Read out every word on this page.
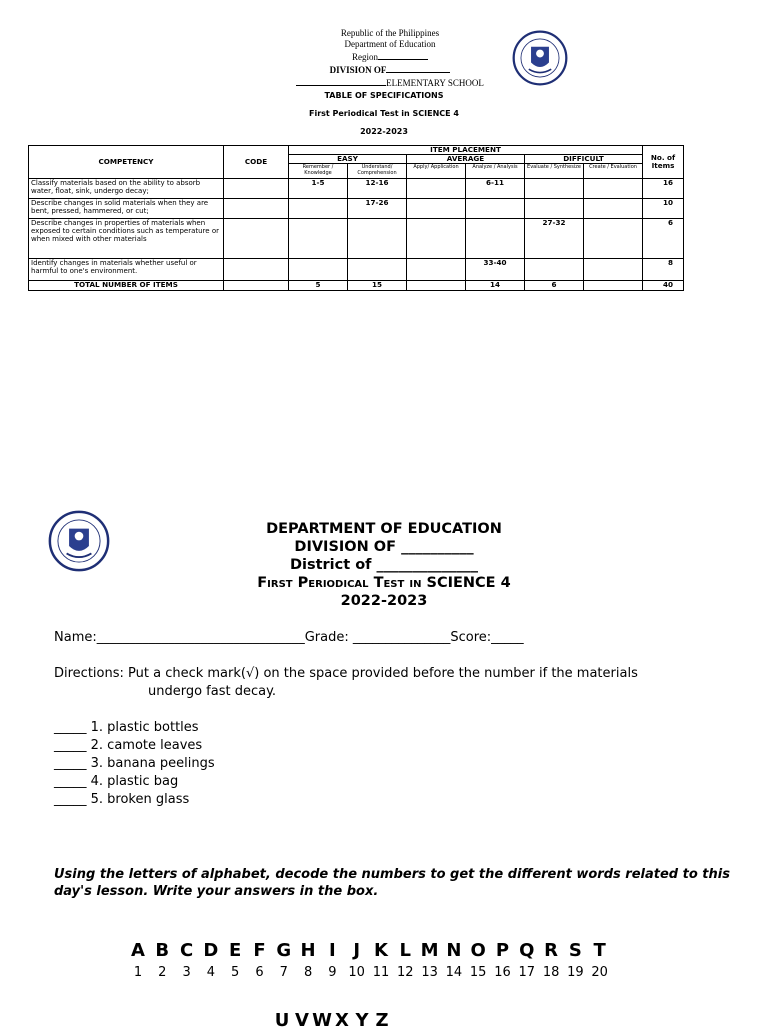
Republic of the Philippines
Department of Education
Region
DIVISION OF
ELEMENTARY SCHOOL
TABLE OF SPECIFICATIONS
First Periodical Test in SCIENCE 4
2022-2023
COMPETENCY	CODE	ITEM PLACEMENT						No. of Items
		EASY		AVERAGE		DIFFICULT		
		Remember / Knowledge	Understand/ Comprehension	Apply/ Application	Analyze / Analysis	Evaluate / Synthesize	Create / Evaluation	
Classify materials based on the ability to absorb water, float, sink, undergo decay;		1-5	12-16		6-11			16
Describe changes in solid materials when they are bent, pressed, hammered, or cut;			17-26					10
Describe changes in properties of materials when exposed to certain conditions such as temperature or when mixed with other materials						27-32		6
Identify changes in materials whether useful or harmful to one's environment.					33-40			8
TOTAL NUMBER OF ITEMS		5	15		14	6		40
DEPARTMENT OF EDUCATION
DIVISION OF __________
District of ______________
First Periodical Test in SCIENCE 4
2022-2023
Name:________________________________Grade: _______________Score:_____
Directions: Put a check mark(√) on the space provided before the number if the materials
undergo fast decay.
_____ 1. plastic bottles
_____ 2. camote leaves
_____ 3. banana peelings
_____ 4. plastic bag
_____ 5. broken glass
Using the letters of alphabet, decode the numbers to get the different words related to this day's lesson. Write your answers in the box.
A B C D E F G H I J K L M N O P Q R S T
1	2	3	4	5	6	7	8	9 10 11 12 13 14 15 16 17 18 19 20
U V W X Y Z
